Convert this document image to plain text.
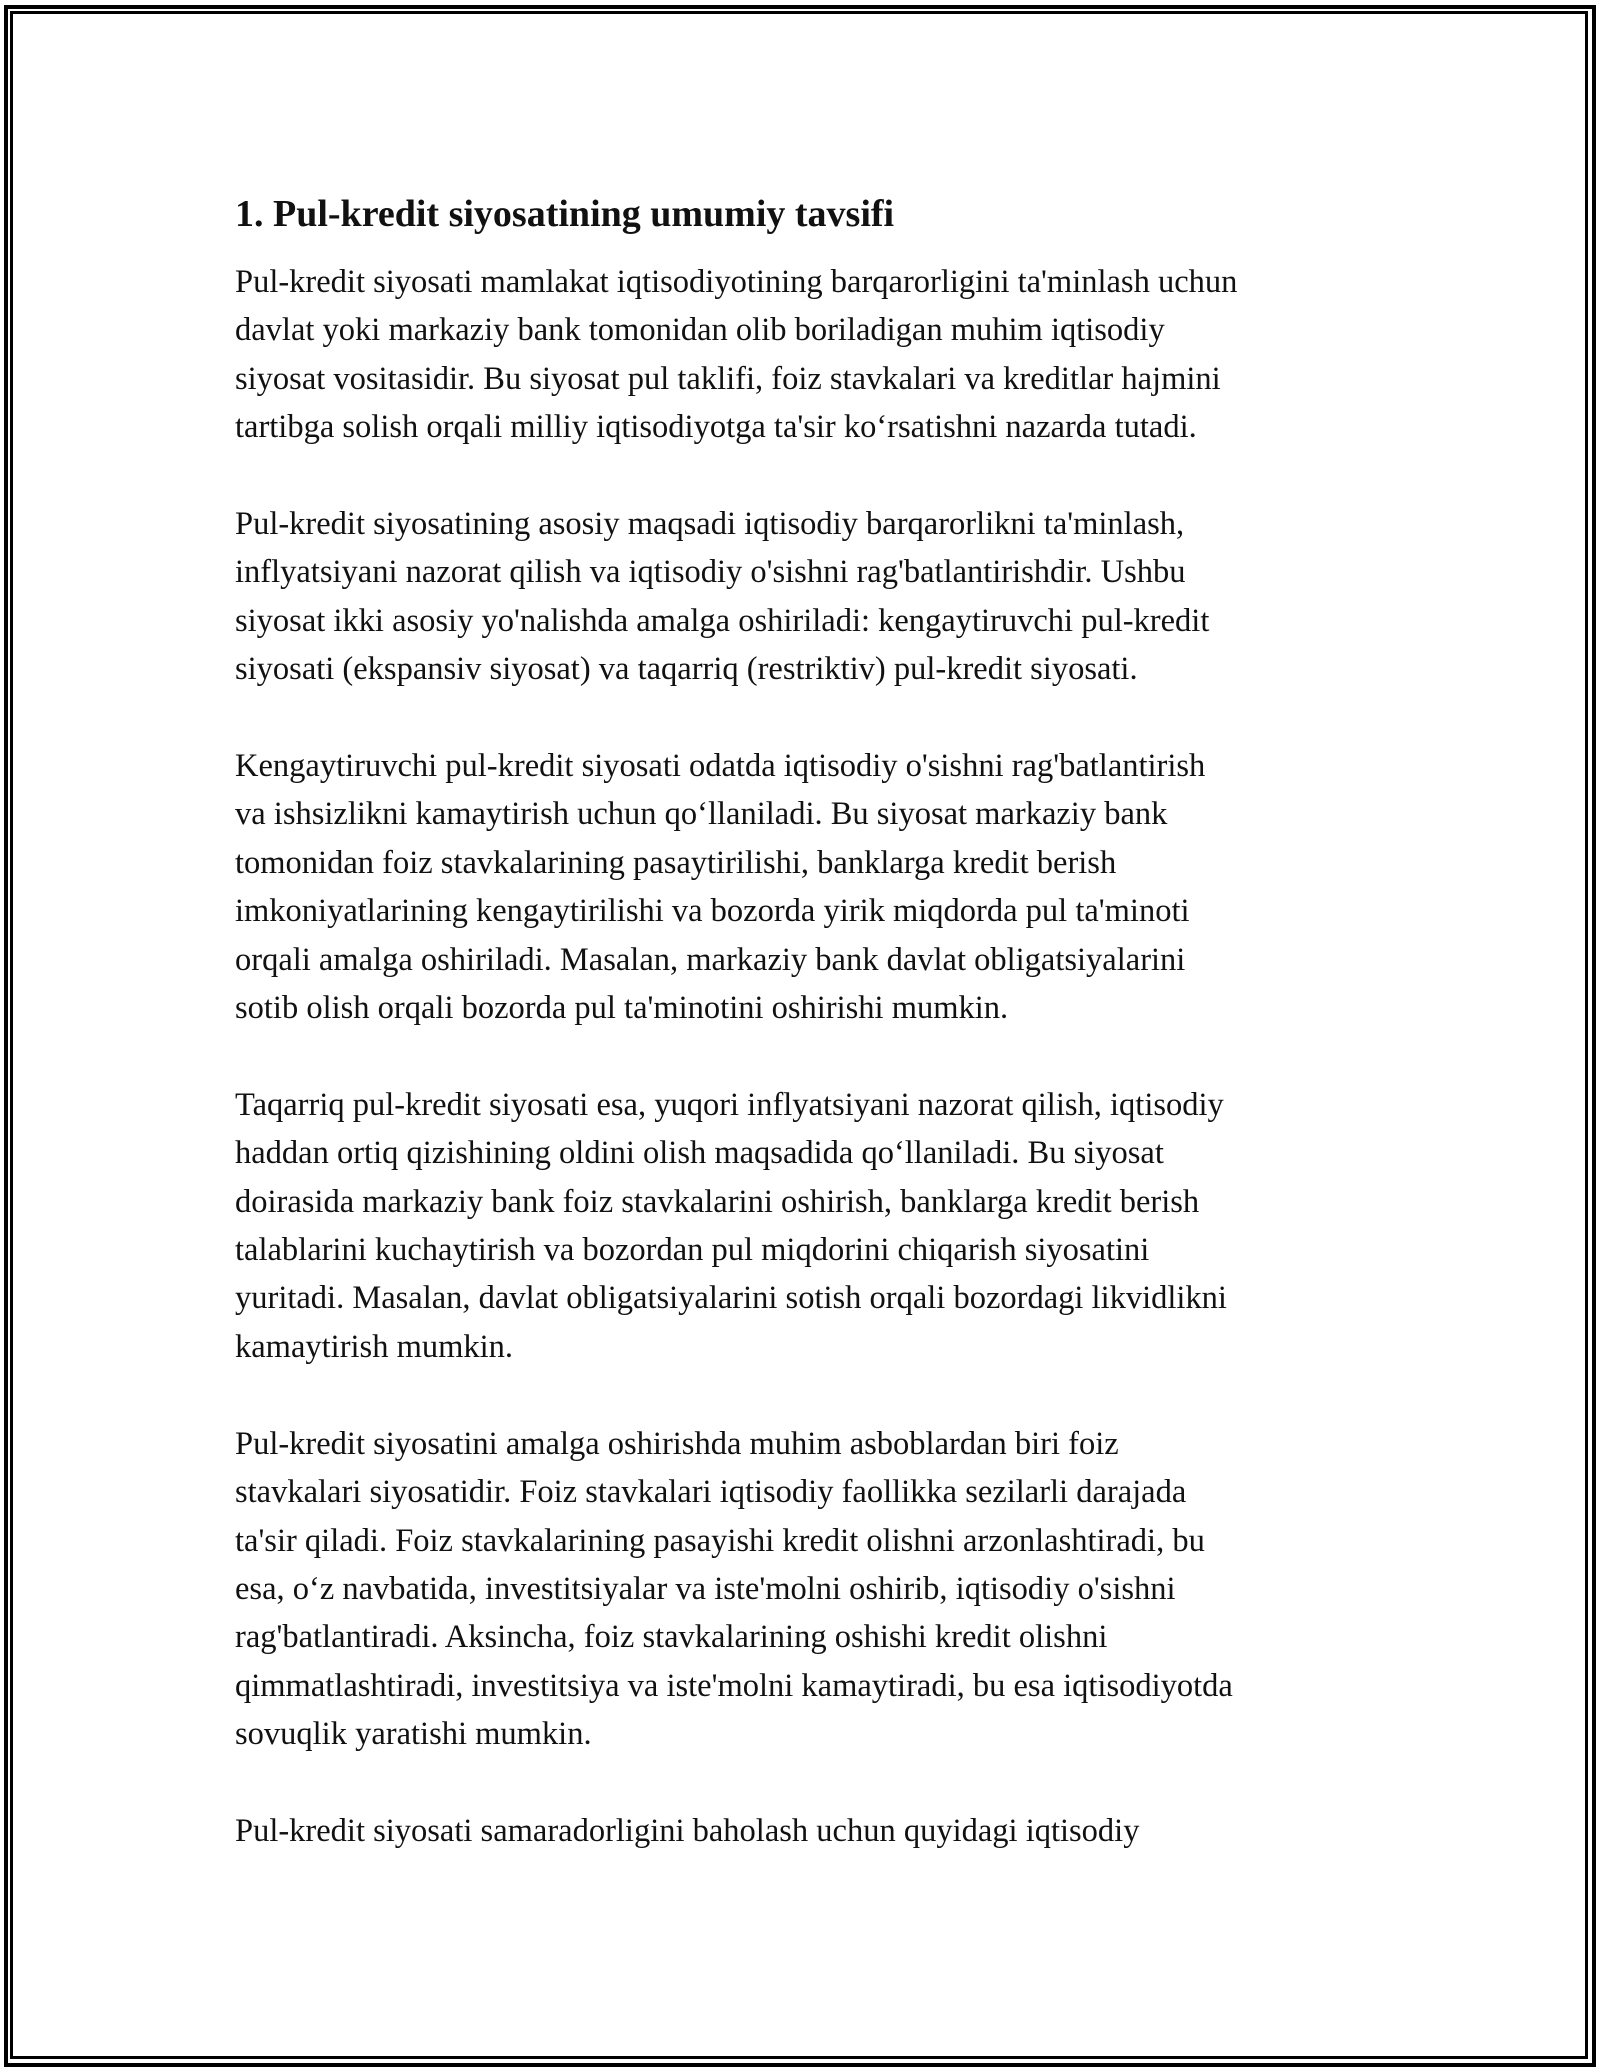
1. Pul-kredit siyosatining umumiy tavsifi

Pul-kredit siyosati mamlakat iqtisodiyotining barqarorligini ta'minlash uchun
davlat yoki markaziy bank tomonidan olib boriladigan muhim iqtisodiy
siyosat vositasidir. Bu siyosat pul taklifi, foiz stavkalari va kreditlar hajmini
tartibga solish orqali milliy iqtisodiyotga ta'sir koʻrsatishni nazarda tutadi.

Pul-kredit siyosatining asosiy maqsadi iqtisodiy barqarorlikni ta'minlash,
inflyatsiyani nazorat qilish va iqtisodiy o'sishni rag'batlantirishdir. Ushbu
siyosat ikki asosiy yo'nalishda amalga oshiriladi: kengaytiruvchi pul-kredit
siyosati (ekspansiv siyosat) va taqarriq (restriktiv) pul-kredit siyosati.

Kengaytiruvchi pul-kredit siyosati odatda iqtisodiy o'sishni rag'batlantirish
va ishsizlikni kamaytirish uchun qoʻllaniladi. Bu siyosat markaziy bank
tomonidan foiz stavkalarining pasaytirilishi, banklarga kredit berish
imkoniyatlarining kengaytirilishi va bozorda yirik miqdorda pul ta'minoti
orqali amalga oshiriladi. Masalan, markaziy bank davlat obligatsiyalarini
sotib olish orqali bozorda pul ta'minotini oshirishi mumkin.

Taqarriq pul-kredit siyosati esa, yuqori inflyatsiyani nazorat qilish, iqtisodiy
haddan ortiq qizishining oldini olish maqsadida qoʻllaniladi. Bu siyosat
doirasida markaziy bank foiz stavkalarini oshirish, banklarga kredit berish
talablarini kuchaytirish va bozordan pul miqdorini chiqarish siyosatini
yuritadi. Masalan, davlat obligatsiyalarini sotish orqali bozordagi likvidlikni
kamaytirish mumkin.

Pul-kredit siyosatini amalga oshirishda muhim asboblardan biri foiz
stavkalari siyosatidir. Foiz stavkalari iqtisodiy faollikka sezilarli darajada
ta'sir qiladi. Foiz stavkalarining pasayishi kredit olishni arzonlashtiradi, bu
esa, oʻz navbatida, investitsiyalar va iste'molni oshirib, iqtisodiy o'sishni
rag'batlantiradi. Aksincha, foiz stavkalarining oshishi kredit olishni
qimmatlashtiradi, investitsiya va iste'molni kamaytiradi, bu esa iqtisodiyotda
sovuqlik yaratishi mumkin.

Pul-kredit siyosati samaradorligini baholash uchun quyidagi iqtisodiy
